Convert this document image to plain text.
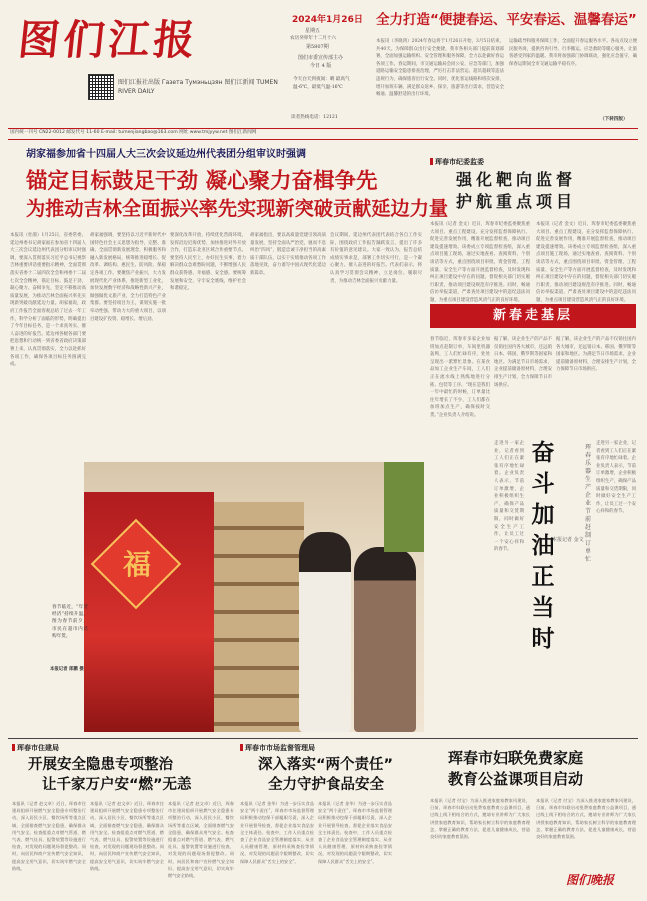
图们江报
图们江报社出版 Газета Тумэньцзян 图们江新闻 TUMEN RIVER DAILY
2024年1月26日
星期五
农历癸卯年十二月十六
第5807期
图们市委宣传部主办
今日 4 版
今天白天到夜间：晴 最高气温-6℃，最低气温-16℃
读者热线电话：12121
国内统一刊号 CN22-0012 邮发代号 11-60 E-mail: tumenjiangbao@163.com 网址 www.tmjyyw.net 图们江新闻网
全力打造“便捷春运、平安春运、温馨春运”
本报讯（李晓鸿）2024年春运将于1月26日开始，3月5日结束，共40天。为保障群众出行安全便捷，我市各相关部门提前谋划部署，全面加强运输组织、安全管理和服务保障，全力以赴做好春运各项工作。春运期间，市交通运输局会同公安、应急等部门，加强道路运输安全隐患排查治理，严厉打击非法营运、超员超载等违法违规行为，确保旅客出行安全。同时，优化客运线路和班次安排，增开加班车辆，满足群众返乡、探亲、旅游等出行需求，营造安全畅通、温馨舒适的出行环境。
运输疏导和服务保障工作，全面提升春运服务水平。各站点设立便民服务岗，提供咨询引导、行李搬运、应急救助等暖心服务，让旅客感受到家的温暖。我市将加强部门协调联动，强化应急值守，确保春运期间全市交通运输平稳有序。
（下转四版）
胡家福参加省十四届人大三次会议延边州代表团分组审议时强调
锚定目标鼓足干劲 凝心聚力奋楫争先
为推动吉林全面振兴率先实现新突破贡献延边力量
本报讯（杜鹃）1月25日，省委常委、延边州委书记胡家福在参加省十四届人大三次会议延边州代表团分组审议时强调，要深入贯彻落实习近平总书记视察吉林重要讲话重要指示精神，全面贯彻落实省委十二届四次全会和州委十二届七次全会精神，锚定目标、鼓足干劲，凝心聚力、奋楫争先，坚定不移推动高质量发展，为推动吉林全面振兴率先实现新突破贡献延边力量。胡家福说，政府工作报告全面客观总结了过去一年工作，科学分析了面临的形势，明确提出了今年目标任务，是一个求真务实、催人奋进的好报告。延边州各级各部门要把思想和行动统一到省委省政府决策部署上来，认真贯彻落实，全力以赴抓好各项工作，确保各项目标任务圆满完成。
胡家福强调，要坚持以习近平新时代中国特色社会主义思想为指导，完整、准确、全面贯彻新发展理念，积极服务和融入新发展格局，统筹推进稳增长、促改革、调结构、惠民生、防风险、保稳定各项工作。要聚焦产业振兴，大力发展现代化产业体系，推进新型工业化，加快发展数字经济和战略性新兴产业，做强做优文旅产业，全力打造特色产业集群。要坚持项目为王，谋划实施一批牵动性强、带动力大的重大项目，以项目建设扩投资、稳增长、增后劲。
要深化改革开放，持续优化营商环境，发挥沿边近海优势，加快推进对外开放合作，打造东北亚区域合作重要节点。要坚持人民至上，办好民生实事，着力解决群众急难愁盼问题，不断增强人民群众获得感、幸福感、安全感。要统筹发展和安全，守牢安全底线，维护社会和谐稳定。
胡家福指出，要以高质量党建引领高质量发展，坚持全面从严治党，驰而不息纠治“四风”，锻造忠诚干净担当的高素质干部队伍，以实干实绩推动各项工作落地见效，奋力谱写中国式现代化延边新篇章。
会议期间，延边州代表团代表结合各自工作实际，围绕政府工作报告踊跃发言，提出了许多有价值的意见建议。大家一致认为，报告总结成绩实事求是，部署工作切实可行，是一个凝心聚力、催人奋进的好报告。代表们表示，将认真学习贯彻会议精神，立足岗位、履职尽责，为推动吉林全面振兴贡献力量。
福
春节临近，“年货经济”持续升温。图为春节前夕，市民在超市内选购年货。
本报记者 郎鹏 摄
珲春市纪委监委
强化靶向监督
护航重点项目
本报讯（记者 金文）近日，珲春市纪委监委聚焦重大项目、重点工程建设，充分发挥监督保障执行、促进完善发展作用，精准开展监督检查，推动项目建设提速增效。该委成立专项监督检查组，深入重点项目施工现场，通过实地查看、查阅资料、个别谈话等方式，重点围绕项目审批、资金管理、工程质量、安全生产等方面开展监督检查，及时发现和纠正项目建设中存在的问题，督促相关部门切实履行职责，推动项目建设规范有序推进。同时，畅通信访举报渠道，严肃查处项目建设中的违纪违法问题，为重点项目建设营造风清气正的良好环境。
本报讯（记者 金文）近日，珲春市纪委监委聚焦重大项目、重点工程建设，充分发挥监督保障执行、促进完善发展作用，精准开展监督检查，推动项目建设提速增效。该委成立专项监督检查组，深入重点项目施工现场，通过实地查看、查阅资料、个别谈话等方式，重点围绕项目审批、资金管理、工程质量、安全生产等方面开展监督检查，及时发现和纠正项目建设中存在的问题，督促相关部门切实履行职责，推动项目建设规范有序推进。同时，畅通信访举报渠道，严肃查处项目建设中的违纪违法问题，为重点项目建设营造风清气正的良好环境。
新春走基层
春节临近，珲春市多家企业加班加点赶制订单，车间里机器轰鸣，工人们忙碌有序，处处呈现出一派繁忙景象。在某食品加工企业生产车间，工人们正在流水线上熟练地进行分拣、包装等工序。“现在是我们一年中最忙的时候，订单量比往年增长了不少，工人们都在加班加点生产，确保按时交货。”企业负责人介绍说。
据了解，该企业生产的产品不仅销往国内各大城市，还远销日本、韩国、俄罗斯等国家和地区。为满足节日市场需求，企业提前储备原材料，合理安排生产计划，全力保障节日市场供应。
走进另一家企业，记者看到工人们正在紧张有序地忙碌着。企业负责人表示，节前订单激增，企业积极组织生产，确保产品质量和交货期限，同时做好安全生产工作，让员工过一个安心祥和的春节。
据了解，该企业生产的产品不仅销往国内各大城市，还远销日本、韩国、俄罗斯等国家和地区。为满足节日市场需求，企业提前储备原材料，合理安排生产计划，全力保障节日市场供应。
走进另一家企业，记者看到工人们正在紧张有序地忙碌着。企业负责人表示，节前订单激增，企业积极组织生产，确保产品质量和交货期限，同时做好安全生产工作，让员工过一个安心祥和的春节。
奋斗加油正当时
珲春乐器生产企业节前赶制订单忙
本报记者 金文
珲春市住建局
开展安全隐患专项整治
让千家万户安“燃”无恙
本报讯（记者 赵文卓）近日，珲春市住建局组织开展燃气安全隐患专项整治行动，深入居民小区、餐饮场所等重点区域，全面排查燃气安全隐患，确保群众用气安全。检查组重点对燃气管道、燃气表、燃气灶具、报警装置等设施进行检查，对发现的问题现场督促整改。同时，向居民和商户宣传燃气安全知识，提高安全用气意识，切实筑牢燃气安全防线。
本报讯（记者 赵文卓）近日，珲春市住建局组织开展燃气安全隐患专项整治行动，深入居民小区、餐饮场所等重点区域，全面排查燃气安全隐患，确保群众用气安全。检查组重点对燃气管道、燃气表、燃气灶具、报警装置等设施进行检查，对发现的问题现场督促整改。同时，向居民和商户宣传燃气安全知识，提高安全用气意识，切实筑牢燃气安全防线。
本报讯（记者 赵文卓）近日，珲春市住建局组织开展燃气安全隐患专项整治行动，深入居民小区、餐饮场所等重点区域，全面排查燃气安全隐患，确保群众用气安全。检查组重点对燃气管道、燃气表、燃气灶具、报警装置等设施进行检查，对发现的问题现场督促整改。同时，向居民和商户宣传燃气安全知识，提高安全用气意识，切实筑牢燃气安全防线。
珲春市市场监督管理局
深入落实“两个责任”
全力守护食品安全
本报讯（记者 金华）为进一步压实食品安全“两个责任”，珲春市市场监督管理局积极推动包保干部履职尽责，深入企业开展督导检查，督促企业落实食品安全主体责任。检查中，工作人员重点检查了企业食品安全管理制度落实、从业人员健康管理、原材料采购查验等情况，对发现的问题责令限期整改，切实保障人民群众“舌尖上的安全”。
本报讯（记者 金华）为进一步压实食品安全“两个责任”，珲春市市场监督管理局积极推动包保干部履职尽责，深入企业开展督导检查，督促企业落实食品安全主体责任。检查中，工作人员重点检查了企业食品安全管理制度落实、从业人员健康管理、原材料采购查验等情况，对发现的问题责令限期整改，切实保障人民群众“舌尖上的安全”。
珲春市妇联免费家庭
教育公益课项目启动
本报讯（记者 付宝）为深入推进家庭家教家风建设，日前，珲春市妇联启动免费家庭教育公益课项目，通过线上线下相结合的方式，邀请专业讲师为广大家长讲授家庭教育知识，帮助家长树立科学的家庭教育理念，掌握正确的教育方法，促进儿童健康成长，营造良好的家庭教育氛围。
本报讯（记者 付宝）为深入推进家庭家教家风建设，日前，珲春市妇联启动免费家庭教育公益课项目，通过线上线下相结合的方式，邀请专业讲师为广大家长讲授家庭教育知识，帮助家长树立科学的家庭教育理念，掌握正确的教育方法，促进儿童健康成长，营造良好的家庭教育氛围。
图们晚报
